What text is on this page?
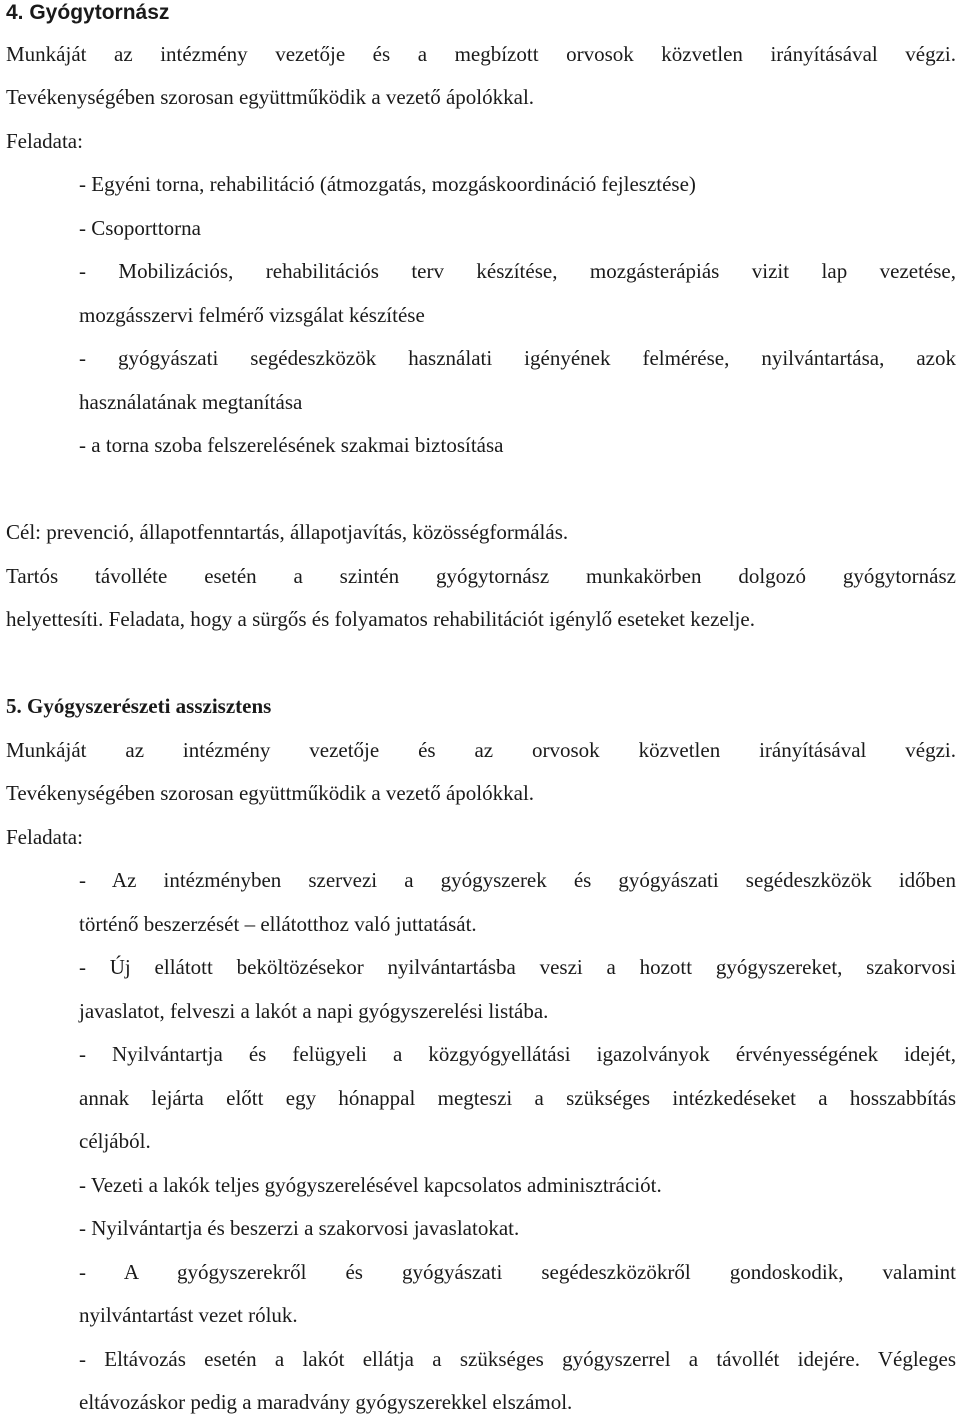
4. Gyógytornász
Munkáját az intézmény vezetője és a megbízott orvosok közvetlen irányításával végzi.
Tevékenységében szorosan együttműködik a vezető ápolókkal.
Feladata:
- Egyéni torna, rehabilitáció (átmozgatás, mozgáskoordináció fejlesztése)
- Csoporttorna
- Mobilizációs, rehabilitációs terv készítése, mozgásterápiás vizit lap vezetése,
mozgásszervi felmérő vizsgálat készítése
- gyógyászati segédeszközök használati igényének felmérése, nyilvántartása, azok
használatának megtanítása
- a torna szoba felszerelésének szakmai biztosítása
Cél: prevenció, állapotfenntartás, állapotjavítás, közösségformálás.
Tartós távolléte esetén a szintén gyógytornász munkakörben dolgozó gyógytornász
helyettesíti. Feladata, hogy a sürgős és folyamatos rehabilitációt igénylő eseteket kezelje.
5. Gyógyszerészeti asszisztens
Munkáját az intézmény vezetője és az orvosok közvetlen irányításával végzi.
Tevékenységében szorosan együttműködik a vezető ápolókkal.
Feladata:
- Az intézményben szervezi a gyógyszerek és gyógyászati segédeszközök időben
történő beszerzését – ellátotthoz való juttatását.
- Új ellátott beköltözésekor nyilvántartásba veszi a hozott gyógyszereket, szakorvosi
javaslatot, felveszi a lakót a napi gyógyszerelési listába.
- Nyilvántartja és felügyeli a közgyógyellátási igazolványok érvényességének idejét,
annak lejárta előtt egy hónappal megteszi a szükséges intézkedéseket a hosszabbítás
céljából.
- Vezeti a lakók teljes gyógyszerelésével kapcsolatos adminisztrációt.
- Nyilvántartja és beszerzi a szakorvosi javaslatokat.
- A gyógyszerekről és gyógyászati segédeszközökről gondoskodik, valamint
nyilvántartást vezet róluk.
- Eltávozás esetén a lakót ellátja a szükséges gyógyszerrel a távollét idejére. Végleges
eltávozáskor pedig a maradvány gyógyszerekkel elszámol.
